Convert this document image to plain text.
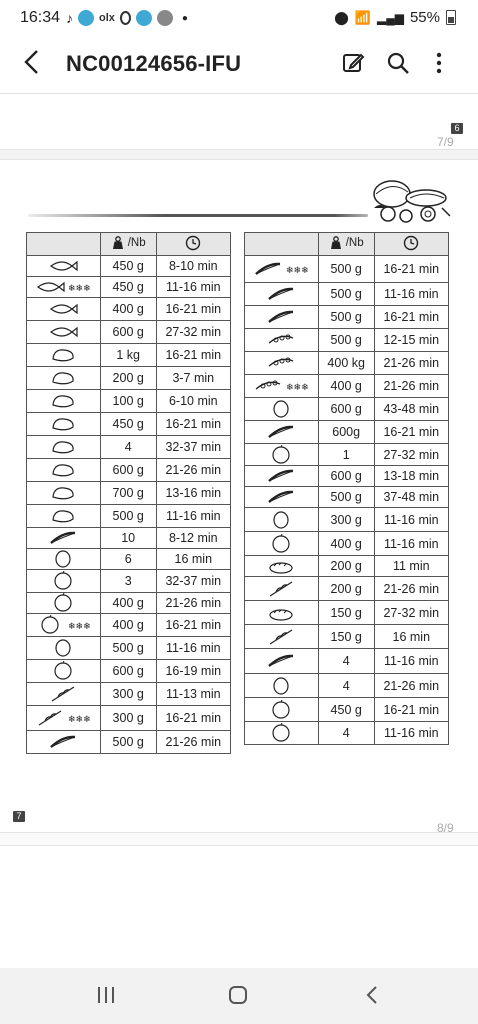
16:34 ♪ olx	●	⬤ 📶 ▂▄▆ 55%
NC00124656-IFU
6
7/9

	/Nb

	450 g	8-10 min

❄❄❄	450 g	11-16 min

	400 g	16-21 min

	600 g	27-32 min

	1 kg	16-21 min

	200 g	3-7 min

	100 g	6-10 min

	450 g	16-21 min

	4	32-37 min

	600 g	21-26 min

	700 g	13-16 min

	500 g	11-16 min

	10	8-12 min

	6	16 min

	3	32-37 min

	400 g	21-26 min

❄❄❄	400 g	16-21 min

	500 g	11-16 min

	600 g	16-19 min

	300 g	11-13 min

❄❄❄	300 g	16-21 min

	500 g	21-26 min

	/Nb

❄❄❄	500 g	16-21 min

	500 g	11-16 min

	500 g	16-21 min

	500 g	12-15 min

	400 kg	21-26 min

❄❄❄	400 g	21-26 min

	600 g	43-48 min

	600g	16-21 min

	1	27-32 min

	600 g	13-18 min

	500 g	37-48 min

	300 g	11-16 min

	400 g	11-16 min

	200 g	11 min

	200 g	21-26 min

	150 g	27-32 min

	150 g	16 min

	4	11-16 min

	4	21-26 min

	450 g	16-21 min

	4	11-16 min
7
8/9
